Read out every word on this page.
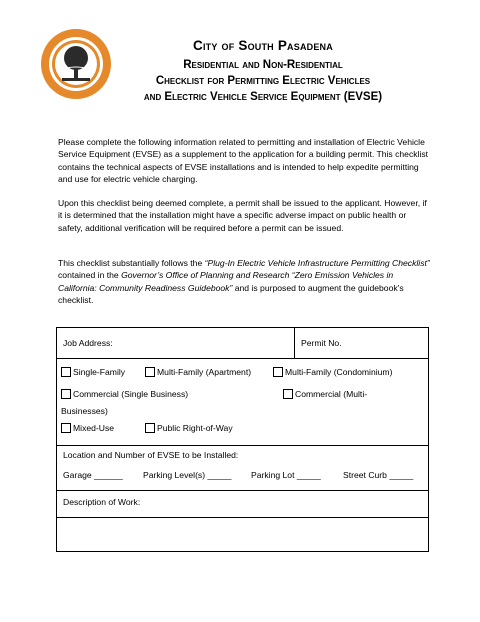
City of South Pasadena
Residential and Non-Residential
Checklist for Permitting Electric Vehicles
and Electric Vehicle Service Equipment (EVSE)
Please complete the following information related to permitting and installation of Electric Vehicle Service Equipment (EVSE) as a supplement to the application for a building permit. This checklist contains the technical aspects of EVSE installations and is intended to help expedite permitting and use for electric vehicle charging.
Upon this checklist being deemed complete, a permit shall be issued to the applicant. However, if it is determined that the installation might have a specific adverse impact on public health or safety, additional verification will be required before a permit can be issued.
This checklist substantially follows the “Plug-In Electric Vehicle Infrastructure Permitting Checklist” contained in the Governor’s Office of Planning and Research “Zero Emission Vehicles in California: Community Readiness Guidebook” and is purposed to augment the guidebook’s checklist.
Job Address:	Permit No.
Single-Family	Multi-Family (Apartment)	Multi-Family (Condominium)
Commercial (Single Business)	Commercial (Multi-
Businesses)
Mixed-Use	Public Right-of-Way
Location and Number of EVSE to be Installed:
Garage ______ Parking Level(s) _____ Parking Lot _____	Street Curb _____
Description of Work:
